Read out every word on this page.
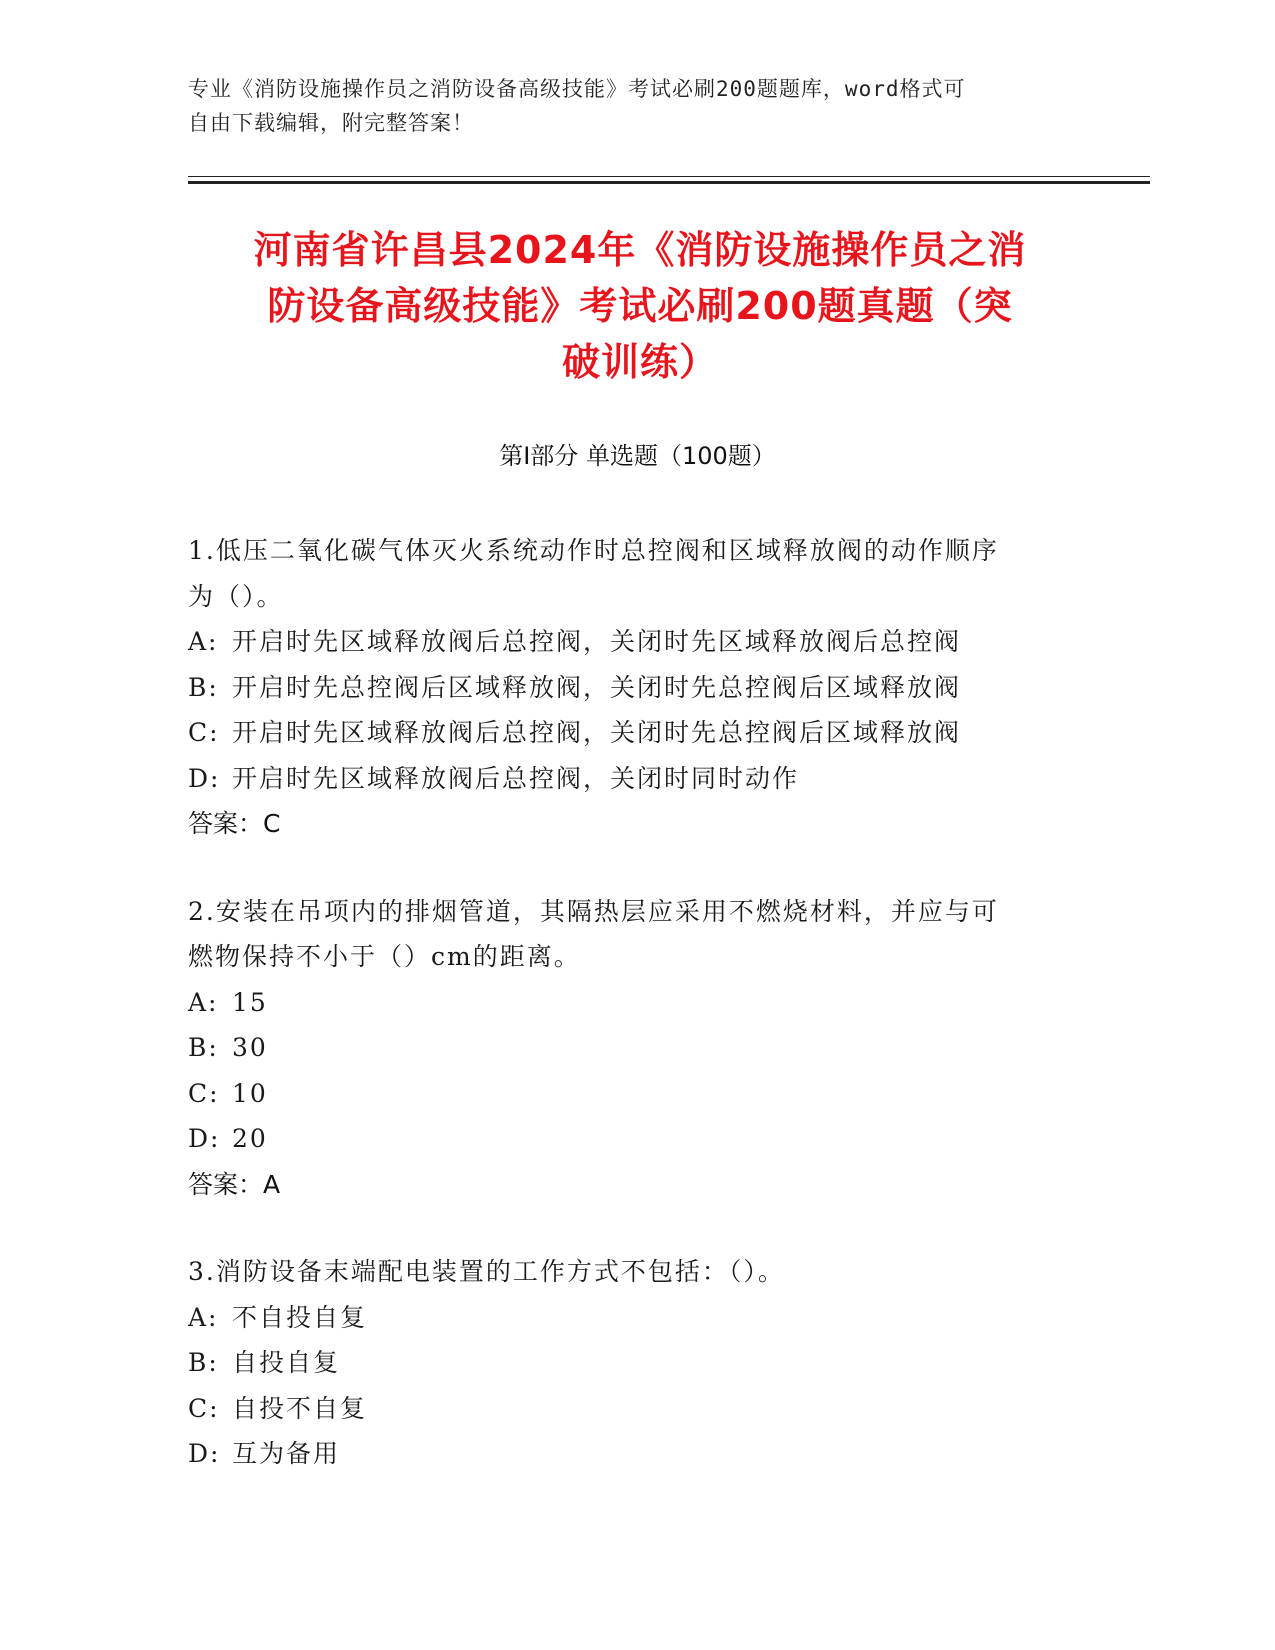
专业《消防设施操作员之消防设备高级技能》考试必刷200题题库，word格式可
自由下载编辑，附完整答案！
河南省许昌县2024年《消防设施操作员之消
防设备高级技能》考试必刷200题真题（突
破训练）
第Ⅰ部分 单选题（100题）
1.低压二氧化碳气体灭火系统动作时总控阀和区域释放阀的动作顺序
为（）。
A: 开启时先区域释放阀后总控阀，关闭时先区域释放阀后总控阀
B: 开启时先总控阀后区域释放阀，关闭时先总控阀后区域释放阀
C: 开启时先区域释放阀后总控阀，关闭时先总控阀后区域释放阀
D: 开启时先区域释放阀后总控阀，关闭时同时动作
答案：C
2.安装在吊项内的排烟管道，其隔热层应采用不燃烧材料，并应与可
燃物保持不小于（）cm的距离。
A: 15
B: 30
C: 10
D: 20
答案：A
3.消防设备末端配电装置的工作方式不包括：（）。
A: 不自投自复
B: 自投自复
C: 自投不自复
D: 互为备用
